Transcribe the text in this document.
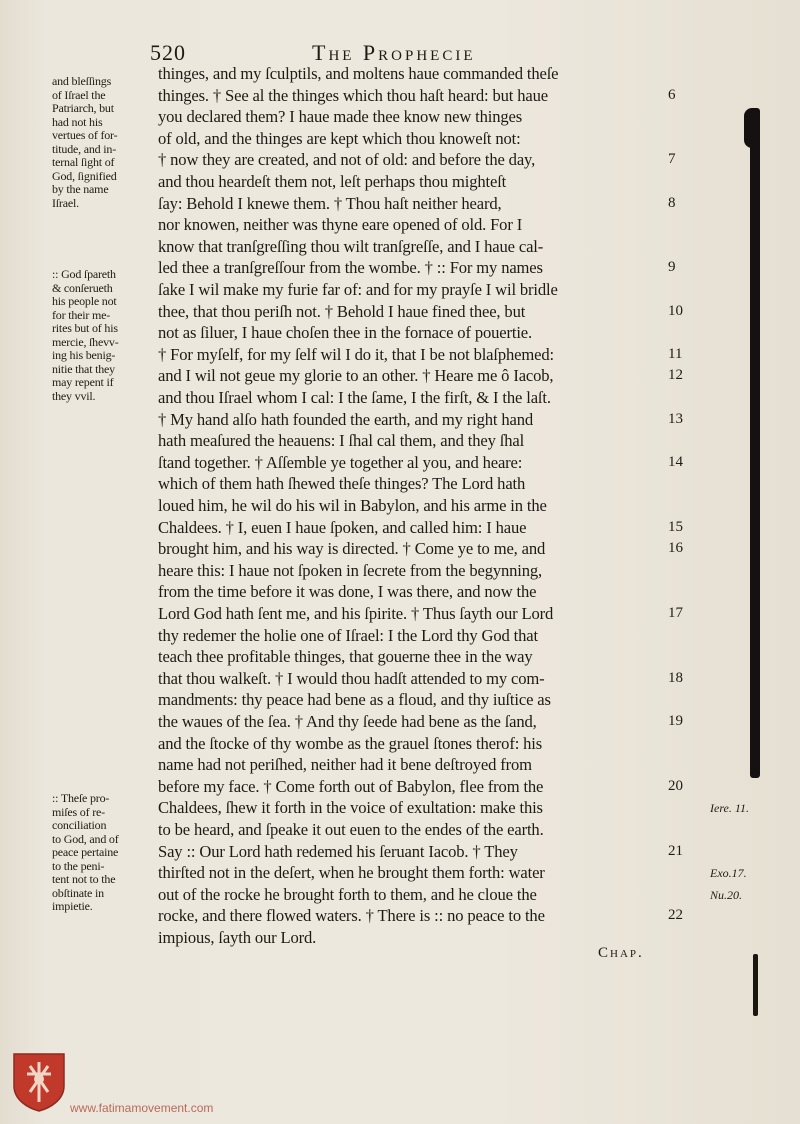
520	The Prophecie
and bleſſings
of Iſrael the
Patriarch, but
had not his
vertues of for-
titude, and in-
ternal ſight of
God, ſignified
by the name
Iſrael.
:: God ſpareth
& conſerueth
his people not
for their me-
rites but of his
mercie, ſhevv-
ing his benig-
nitie that they
may repent if
they vvil.
:: Theſe pro-
miſes of re-
conciliation
to God, and of
peace pertaine
to the peni-
tent not to the
obſtinate in
impietie.
thinges, and my ſculptils, and moltens haue commanded theſe
thinges. † See al the thinges which thou haſt heard: but haue
you declared them? I haue made thee know new thinges
of old, and the thinges are kept which thou knoweſt not:
† now they are created, and not of old: and before the day,
and thou heardeſt them not, leſt perhaps thou mighteſt
ſay: Behold I knewe them. † Thou haſt neither heard,
nor knowen, neither was thyne eare opened of old. For I
know that tranſgreſſing thou wilt tranſgreſſe, and I haue cal-
led thee a tranſgreſſour from the wombe. † :: For my names
ſake I wil make my furie far of: and for my prayſe I wil bridle
thee, that thou periſh not. † Behold I haue fined thee, but
not as ſiluer, I haue choſen thee in the fornace of pouertie.
† For myſelf, for my ſelf wil I do it, that I be not blaſphemed:
and I wil not geue my glorie to an other. † Heare me ô Iacob,
and thou Iſrael whom I cal: I the ſame, I the firſt, & I the laſt.
† My hand alſo hath founded the earth, and my right hand
hath meaſured the heauens: I ſhal cal them, and they ſhal
ſtand together. † Aſſemble ye together al you, and heare:
which of them hath ſhewed theſe thinges? The Lord hath
loued him, he wil do his wil in Babylon, and his arme in the
Chaldees. † I, euen I haue ſpoken, and called him: I haue
brought him, and his way is directed. † Come ye to me, and
heare this: I haue not ſpoken in ſecrete from the begynning,
from the time before it was done, I was there, and now the
Lord God hath ſent me, and his ſpirite. † Thus ſayth our Lord
thy redemer the holie one of Iſrael: I the Lord thy God that
teach thee profitable thinges, that gouerne thee in the way
that thou walkeſt. † I would thou hadſt attended to my com-
mandments: thy peace had bene as a floud, and thy iuſtice as
the waues of the ſea. † And thy ſeede had bene as the ſand,
and the ſtocke of thy wombe as the grauel ſtones therof: his
name had not periſhed, neither had it bene deſtroyed from
before my face. † Come forth out of Babylon, flee from the
Chaldees, ſhew it forth in the voice of exultation: make this
to be heard, and ſpeake it out euen to the endes of the earth.
Say :: Our Lord hath redemed his ſeruant Iacob. † They
thirſted not in the deſert, when he brought them forth: water
out of the rocke he brought forth to them, and he cloue the
rocke, and there flowed waters. † There is :: no peace to the
impious, ſayth our Lord.
6
7
8
9
10
11
12
13
14
15
16
17
18
19
20
21
22
Iere. 11.
Exo.17.
Nu.20.
Chap.
www.fatimamovement.com
